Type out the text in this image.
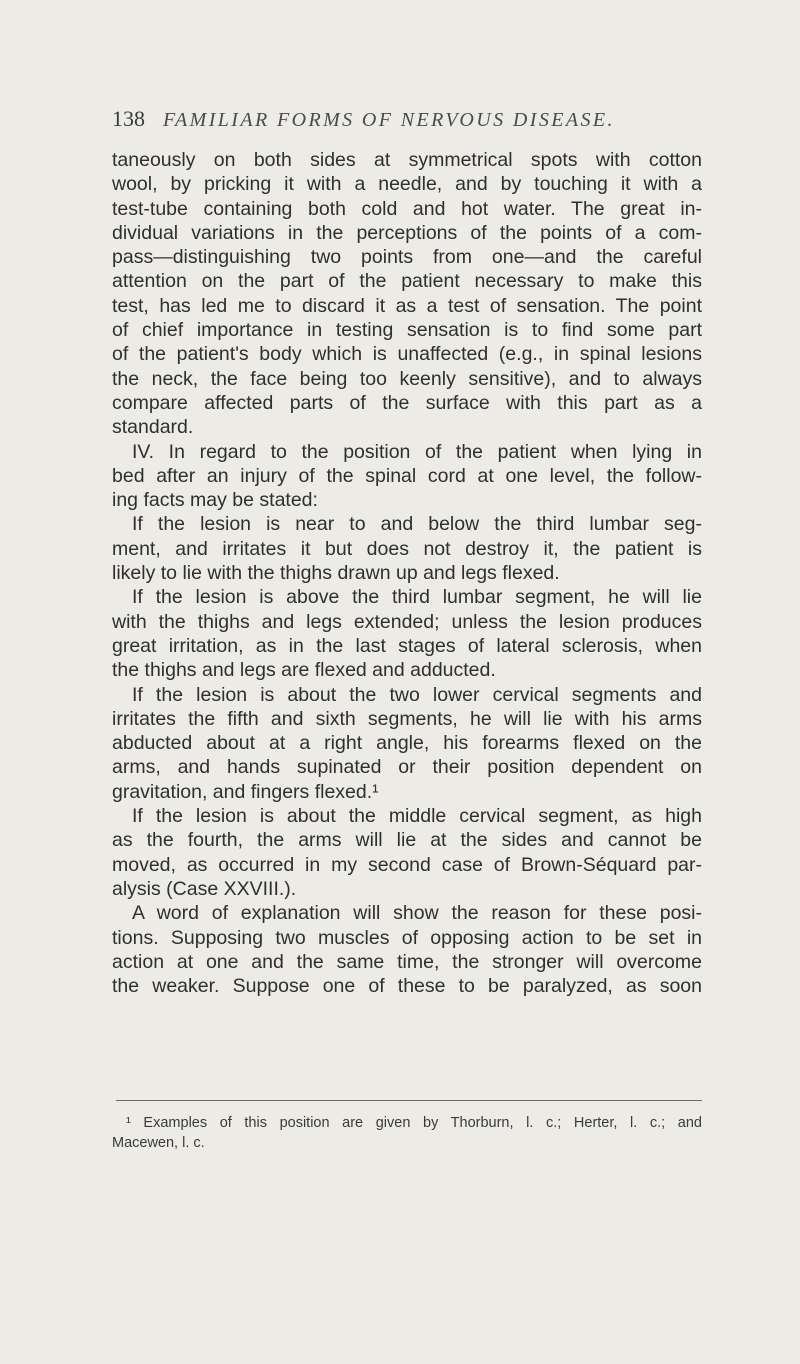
138 FAMILIAR FORMS OF NERVOUS DISEASE.
taneously on both sides at symmetrical spots with cotton
wool, by pricking it with a needle, and by touching it with a
test-tube containing both cold and hot water. The great in-
dividual variations in the perceptions of the points of a com-
pass—distinguishing two points from one—and the careful
attention on the part of the patient necessary to make this
test, has led me to discard it as a test of sensation. The point
of chief importance in testing sensation is to find some part
of the patient's body which is unaffected (e.g., in spinal lesions
the neck, the face being too keenly sensitive), and to always
compare affected parts of the surface with this part as a
standard.
IV. In regard to the position of the patient when lying in
bed after an injury of the spinal cord at one level, the follow-
ing facts may be stated:
If the lesion is near to and below the third lumbar seg-
ment, and irritates it but does not destroy it, the patient is
likely to lie with the thighs drawn up and legs flexed.
If the lesion is above the third lumbar segment, he will lie
with the thighs and legs extended; unless the lesion produces
great irritation, as in the last stages of lateral sclerosis, when
the thighs and legs are flexed and adducted.
If the lesion is about the two lower cervical segments and
irritates the fifth and sixth segments, he will lie with his arms
abducted about at a right angle, his forearms flexed on the
arms, and hands supinated or their position dependent on
gravitation, and fingers flexed.¹
If the lesion is about the middle cervical segment, as high
as the fourth, the arms will lie at the sides and cannot be
moved, as occurred in my second case of Brown-Séquard par-
alysis (Case XXVIII.).
A word of explanation will show the reason for these posi-
tions. Supposing two muscles of opposing action to be set in
action at one and the same time, the stronger will overcome
the weaker. Suppose one of these to be paralyzed, as soon
¹ Examples of this position are given by Thorburn, l. c.; Herter, l. c.; and
Macewen, l. c.
